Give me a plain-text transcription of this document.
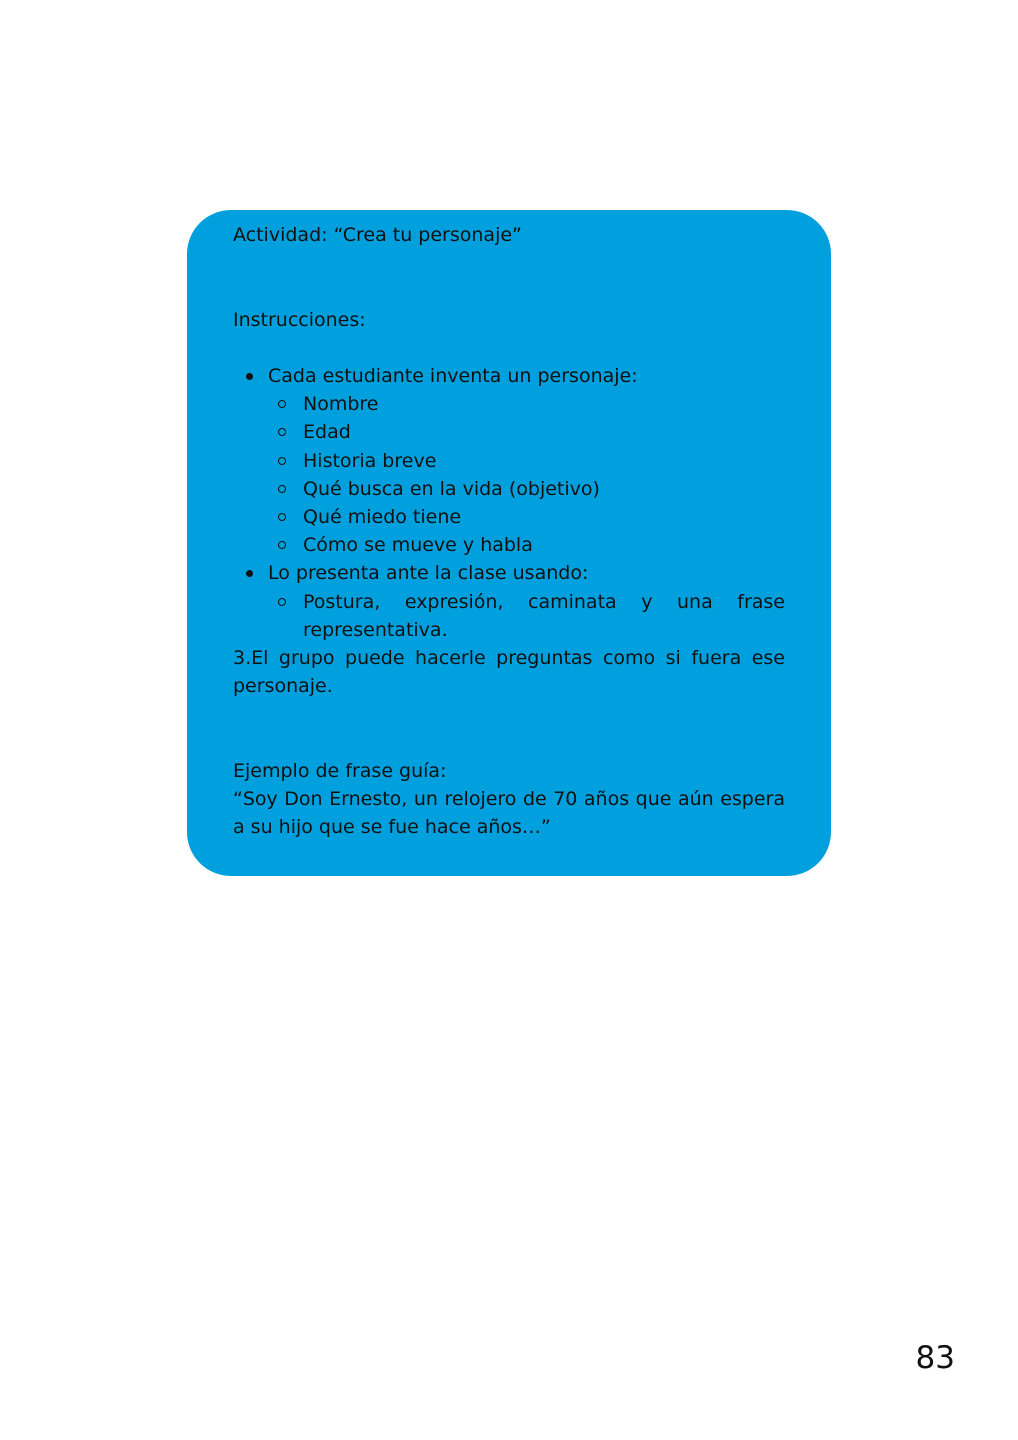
Actividad: “Crea tu personaje”

Instrucciones:

Cada estudiante inventa un personaje:
Nombre
Edad
Historia breve
Qué busca en la vida (objetivo)
Qué miedo tiene
Cómo se mueve y habla
Lo presenta ante la clase usando:
Postura, expresión, caminata y una frase representativa.

3.El grupo puede hacerle preguntas como si fuera ese personaje.

Ejemplo de frase guía:

“Soy Don Ernesto, un relojero de 70 años que aún espera a su hijo que se fue hace años…”

83
